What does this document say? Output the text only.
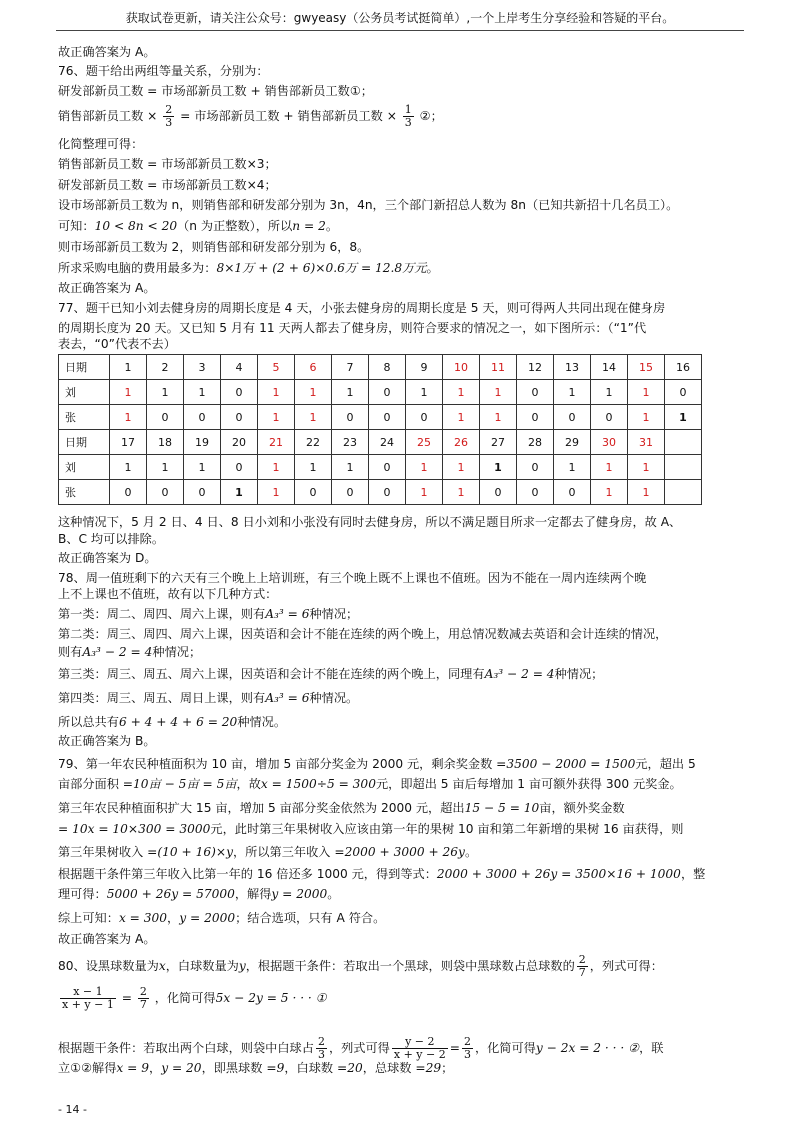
获取试卷更新，请关注公众号：gwyeasy（公务员考试挺简单）,一个上岸考生分享经验和答疑的平台。
故正确答案为 A。
76、题干给出两组等量关系，分别为：
研发部新员工数 = 市场部新员工数 + 销售部新员工数①；
销售部新员工数 × $\frac{2}{3}$ = 市场部新员工数 + 销售部新员工数 × $\frac{1}{3}$ ②；
化简整理可得：
销售部新员工数 = 市场部新员工数×3；
研发部新员工数 = 市场部新员工数×4；
设市场部新员工数为 n，则销售部和研发部分别为 3n，4n，三个部门新招总人数为 8n（已知共新招十几名员工）。
可知：10 < 8n < 20（n 为正整数），所以n = 2。
则市场部新员工数为 2，则销售部和研发部分别为 6，8。
所求采购电脑的费用最多为：8×1万 + (2 + 6)×0.6万 = 12.8万元。
故正确答案为 A。
77、题干已知小刘去健身房的周期长度是 4 天，小张去健身房的周期长度是 5 天，则可得两人共同出现在健身房
的周期长度为 20 天。又已知 5 月有 11 天两人都去了健身房，则符合要求的情况之一，如下图所示：（“1”代
表去，“0”代表不去）
日期	1	2	3	4	5	6	7	8	9	10	11	12	13	14	15	16
刘	1	1	1	0	1	1	1	0	1	1	1	0	1	1	1	0
张	1	0	0	0	1	1	0	0	0	1	1	0	0	0	1	1
日期	17	18	19	20	21	22	23	24	25	26	27	28	29	30	31	
刘	1	1	1	0	1	1	1	0	1	1	1	0	1	1	1	
张	0	0	0	1	1	0	0	0	1	1	0	0	0	1	1	
这种情况下，5 月 2 日、4 日、8 日小刘和小张没有同时去健身房，所以不满足题目所求一定都去了健身房，故 A、
B、C 均可以排除。
故正确答案为 D。
78、周一值班剩下的六天有三个晚上上培训班，有三个晚上既不上课也不值班。因为不能在一周内连续两个晚
上不上课也不值班，故有以下几种方式：
第一类：周二、周四、周六上课，则有A₃³ = 6种情况；
第二类：周三、周四、周六上课，因英语和会计不能在连续的两个晚上，用总情况数减去英语和会计连续的情况，
则有A₃³ − 2 = 4种情况；
第三类：周三、周五、周六上课，因英语和会计不能在连续的两个晚上，同理有A₃³ − 2 = 4种情况；
第四类：周三、周五、周日上课，则有A₃³ = 6种情况。
所以总共有6 + 4 + 4 + 6 = 20种情况。
故正确答案为 B。
79、第一年农民种植面积为 10 亩，增加 5 亩部分奖金为 2000 元，剩余奖金数 =3500 − 2000 = 1500元，超出 5
亩部分面积 =10亩 − 5亩 = 5亩，故x = 1500÷5 = 300元，即超出 5 亩后每增加 1 亩可额外获得 300 元奖金。
第三年农民种植面积扩大 15 亩，增加 5 亩部分奖金依然为 2000 元，超出15 − 5 = 10亩，额外奖金数
= 10x = 10×300 = 3000元，此时第三年果树收入应该由第一年的果树 10 亩和第二年新增的果树 16 亩获得，则
第三年果树收入 =(10 + 16)×y，所以第三年收入 =2000 + 3000 + 26y。
根据题干条件第三年收入比第一年的 16 倍还多 1000 元，得到等式：2000 + 3000 + 26y = 3500×16 + 1000，整
理可得：5000 + 26y = 57000，解得y = 2000。
综上可知：x = 300，y = 2000；结合选项，只有 A 符合。
故正确答案为 A。
80、设黑球数量为x，白球数量为y，根据题干条件：若取出一个黑球，则袋中黑球数占总球数的 $\frac{2}{7}$ ，列式可得：
$\frac{x - 1}{x + y - 1} = \frac{2}{7}$ ，化简可得5x − 2y = 5 · · · ①
根据题干条件：若取出两个白球，则袋中白球占 $\frac{2}{3}$ ，列式可得 $\frac{y - 2}{x + y - 2} = \frac{2}{3}$ ，化简可得y − 2x = 2 · · · ②，联
立①②解得x = 9，y = 20，即黑球数 =9，白球数 =20，总球数 =29；
- 14 -
